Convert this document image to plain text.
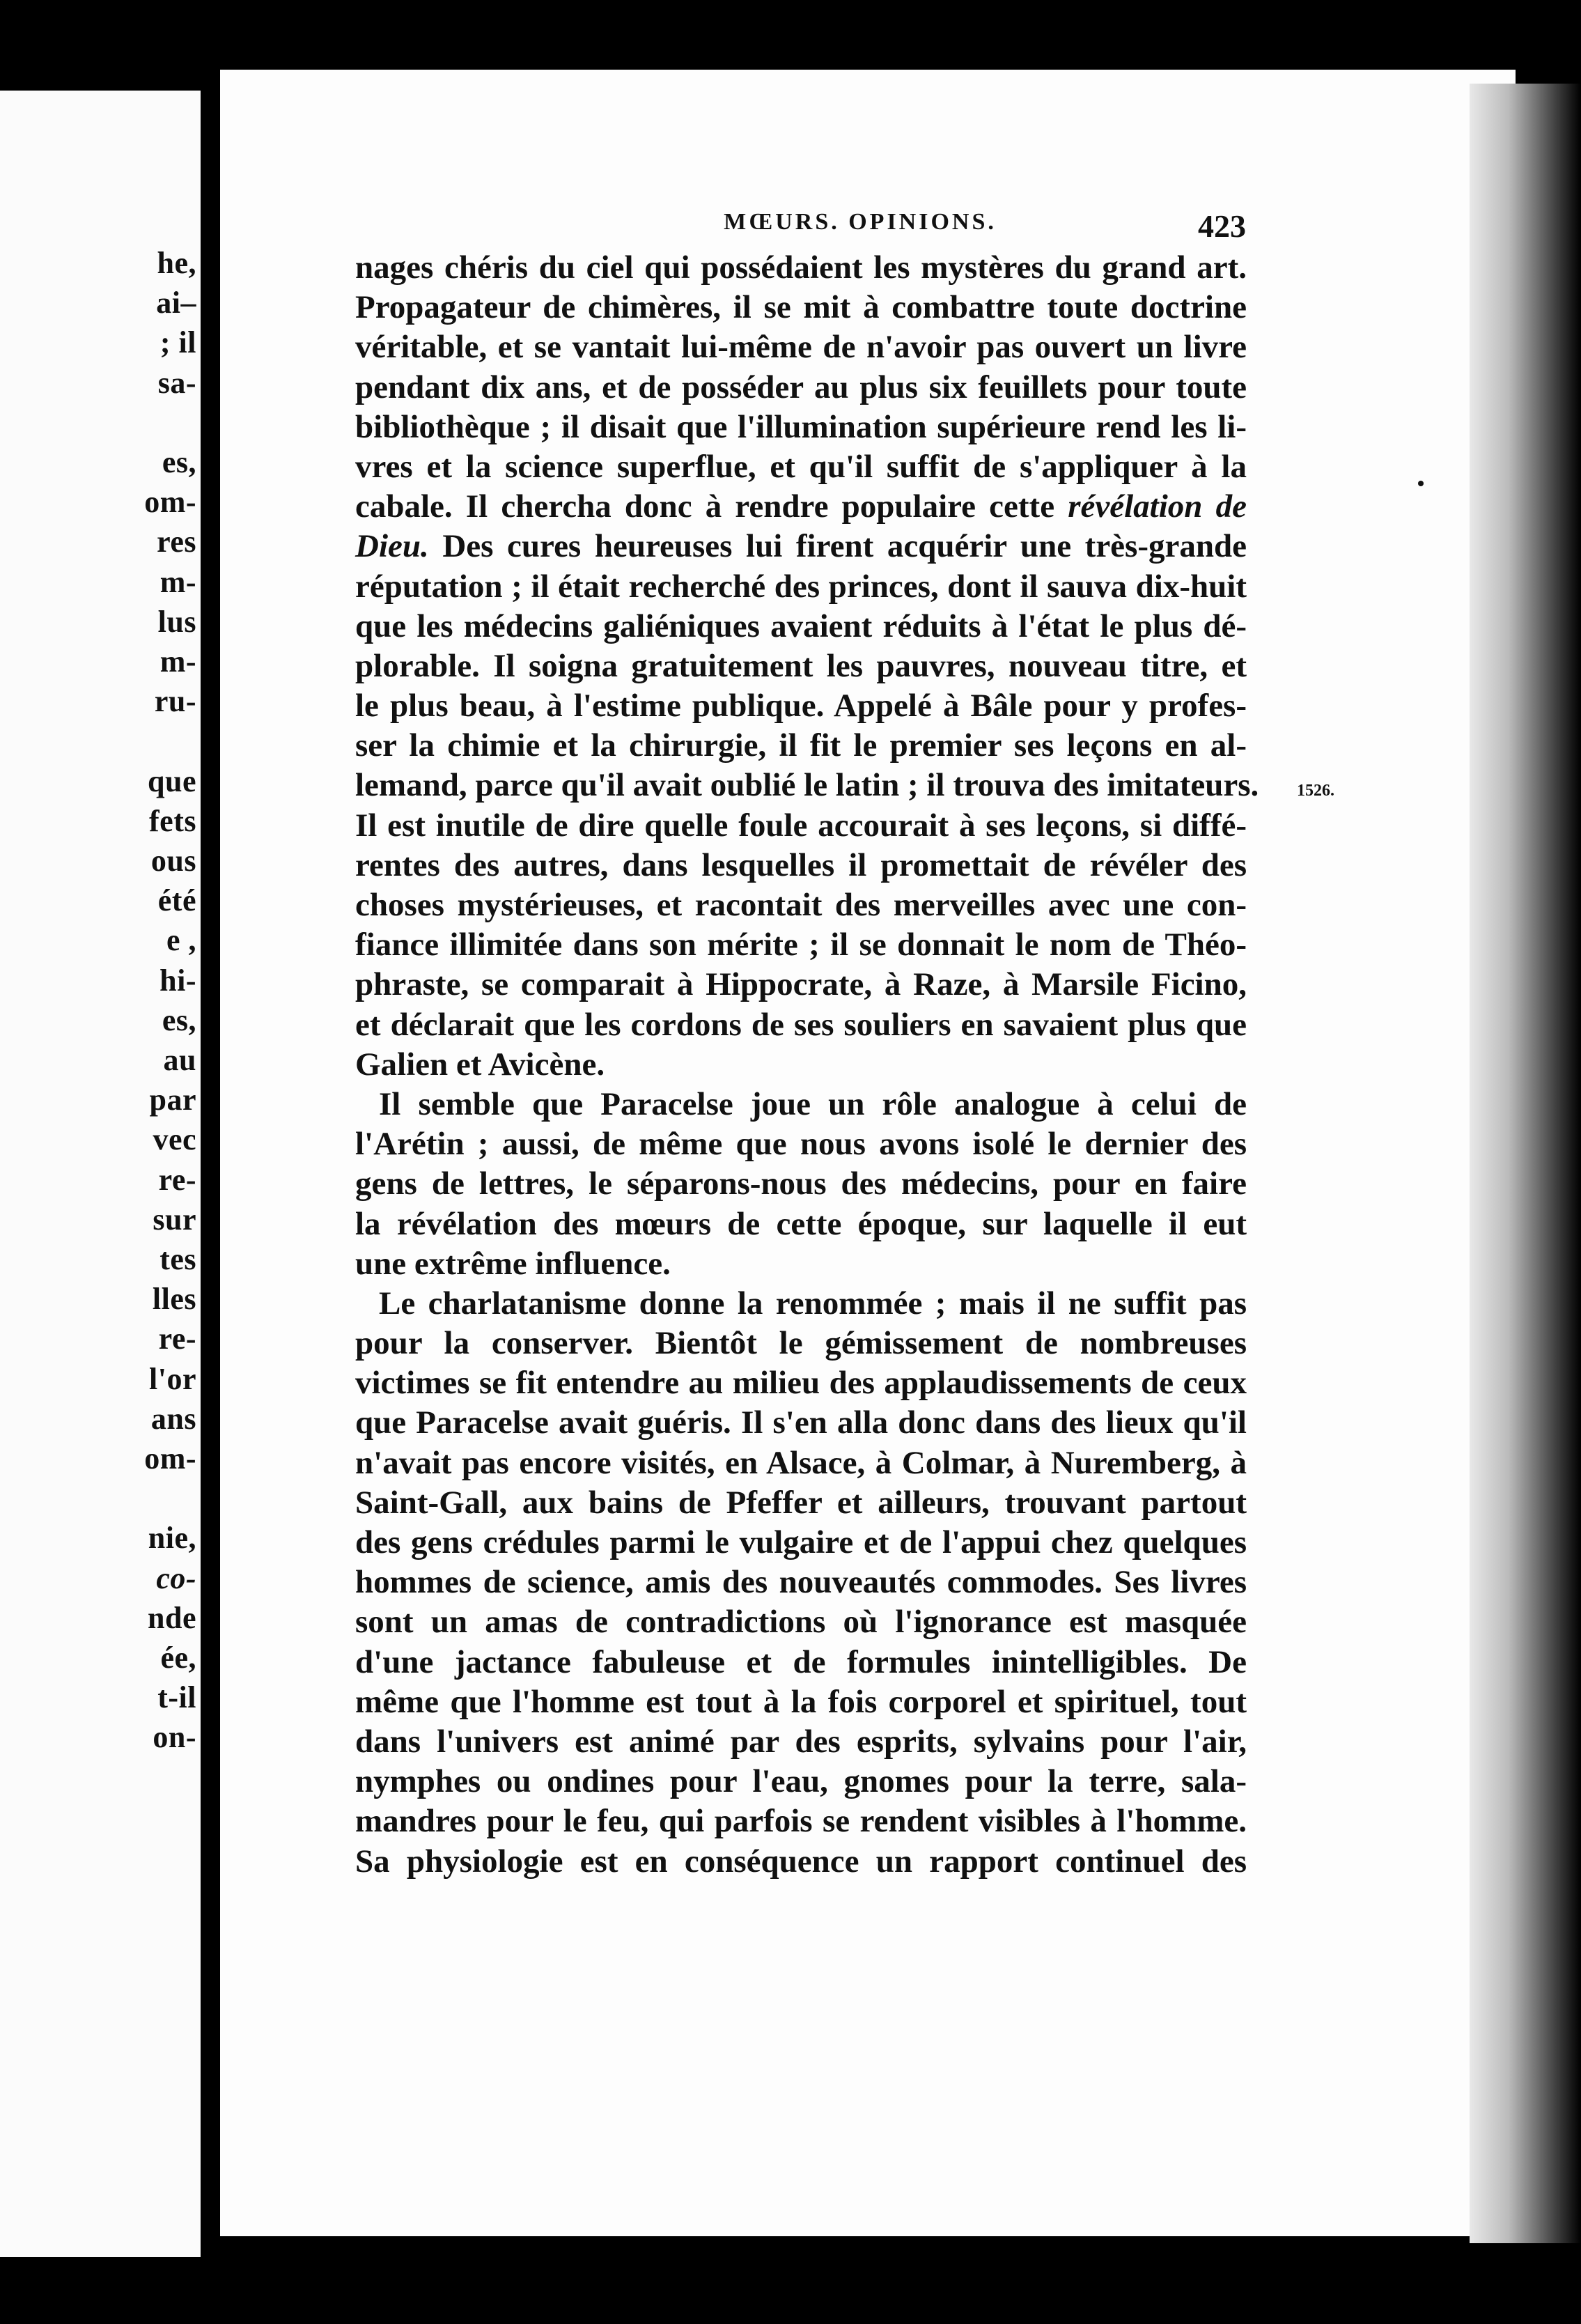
he,
ai–
; il
sa-
es,
om-
res
m-
lus
m-
ru-
que
fets
ous
été
e ,
hi-
es,
au
par
vec
re-
sur
tes
lles
re-
l'or
ans
om-
nie,
co-
nde
ée,
t-il
on-
MŒURS. OPINIONS.	423
1526.
nages chéris du ciel qui possédaient les mystères du grand art.
Propagateur de chimères, il se mit à combattre toute doctrine
véritable, et se vantait lui-même de n'avoir pas ouvert un livre
pendant dix ans, et de posséder au plus six feuillets pour toute
bibliothèque ; il disait que l'illumination supérieure rend les li-
vres et la science superflue, et qu'il suffit de s'appliquer à la
cabale. Il chercha donc à rendre populaire cette révélation de
Dieu. Des cures heureuses lui firent acquérir une très-grande
réputation ; il était recherché des princes, dont il sauva dix-huit
que les médecins galiéniques avaient réduits à l'état le plus dé-
plorable. Il soigna gratuitement les pauvres, nouveau titre, et
le plus beau, à l'estime publique. Appelé à Bâle pour y profes-
ser la chimie et la chirurgie, il fit le premier ses leçons en al-
lemand, parce qu'il avait oublié le latin ; il trouva des imitateurs.
Il est inutile de dire quelle foule accourait à ses leçons, si diffé-
rentes des autres, dans lesquelles il promettait de révéler des
choses mystérieuses, et racontait des merveilles avec une con-
fiance illimitée dans son mérite ; il se donnait le nom de Théo-
phraste, se comparait à Hippocrate, à Raze, à Marsile Ficino,
et déclarait que les cordons de ses souliers en savaient plus que
Galien et Avicène.
Il semble que Paracelse joue un rôle analogue à celui de
l'Arétin ; aussi, de même que nous avons isolé le dernier des
gens de lettres, le séparons-nous des médecins, pour en faire
la révélation des mœurs de cette époque, sur laquelle il eut
une extrême influence.
Le charlatanisme donne la renommée ; mais il ne suffit pas
pour la conserver. Bientôt le gémissement de nombreuses
victimes se fit entendre au milieu des applaudissements de ceux
que Paracelse avait guéris. Il s'en alla donc dans des lieux qu'il
n'avait pas encore visités, en Alsace, à Colmar, à Nuremberg, à
Saint-Gall, aux bains de Pfeffer et ailleurs, trouvant partout
des gens crédules parmi le vulgaire et de l'appui chez quelques
hommes de science, amis des nouveautés commodes. Ses livres
sont un amas de contradictions où l'ignorance est masquée
d'une jactance fabuleuse et de formules inintelligibles. De
même que l'homme est tout à la fois corporel et spirituel, tout
dans l'univers est animé par des esprits, sylvains pour l'air,
nymphes ou ondines pour l'eau, gnomes pour la terre, sala-
mandres pour le feu, qui parfois se rendent visibles à l'homme.
Sa physiologie est en conséquence un rapport continuel des
